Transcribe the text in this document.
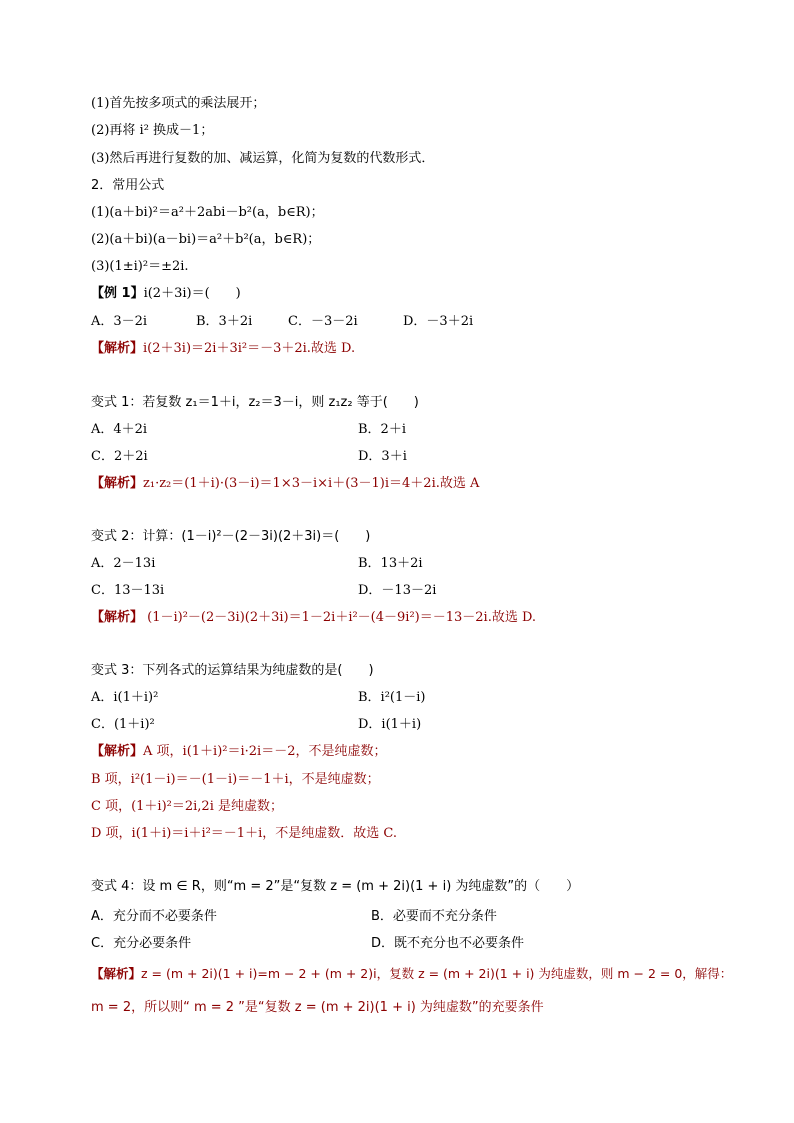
(1)首先按多项式的乘法展开；
(2)再将 i² 换成－1；
(3)然后再进行复数的加、减运算，化简为复数的代数形式．
2．常用公式
(1)(a＋bi)²＝a²＋2abi－b²(a，b∈R)；
(2)(a＋bi)(a－bi)＝a²＋b²(a，b∈R)；
(3)(1±i)²＝±2i.
【例 1】i(2＋3i)＝(　　)
A．3－2i	B．3＋2i	C．－3－2i	D．－3＋2i
【解析】i(2＋3i)＝2i＋3i²＝－3＋2i.故选 D.
变式 1：若复数 z₁＝1＋i，z₂＝3－i，则 z₁z₂ 等于(　　)
A．4＋2i	B．2＋i
C．2＋2i	D．3＋i
【解析】z₁·z₂＝(1＋i)·(3－i)＝1×3－i×i＋(3－1)i＝4＋2i.故选 A
变式 2：计算：(1－i)²－(2－3i)(2＋3i)＝(　　)
A．2－13i	B．13＋2i
C．13－13i	D．－13－2i
【解析】 (1－i)²－(2－3i)(2＋3i)＝1－2i＋i²－(4－9i²)＝－13－2i.故选 D.
变式 3：下列各式的运算结果为纯虚数的是(　　)
A．i(1＋i)²	B．i²(1－i)
C．(1＋i)²	D．i(1＋i)
【解析】A 项，i(1＋i)²＝i·2i＝－2，不是纯虚数；
B 项，i²(1－i)＝－(1－i)＝－1＋i，不是纯虚数；
C 项，(1＋i)²＝2i,2i 是纯虚数；
D 项，i(1＋i)＝i＋i²＝－1＋i，不是纯虚数．故选 C.
变式 4：设 m ∈ R，则“m = 2”是“复数 z = (m + 2i)(1 + i) 为纯虚数”的（　　）
A．充分而不必要条件	B．必要而不充分条件
C．充分必要条件	D．既不充分也不必要条件
【解析】z = (m + 2i)(1 + i)=m − 2 + (m + 2)i，复数 z = (m + 2i)(1 + i) 为纯虚数，则 m − 2 = 0，解得：
m = 2，所以则“ m = 2 ”是“复数 z = (m + 2i)(1 + i) 为纯虚数”的充要条件
